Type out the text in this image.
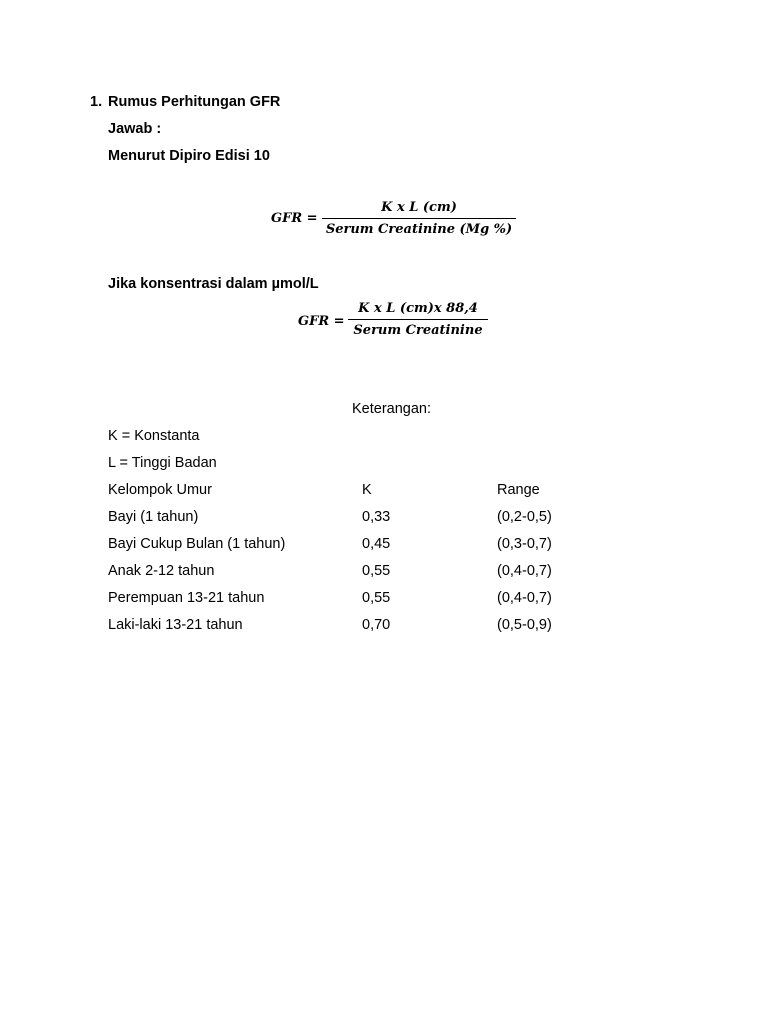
1. Rumus Perhitungan GFR
Jawab :
Menurut Dipiro Edisi 10
GFR =
K x L (cm)
Serum Creatinine (Mg %)
Jika konsentrasi dalam µmol/L
GFR =
K x L (cm)x 88,4
Serum Creatinine
Keterangan:
K = Konstanta
L = Tinggi Badan
Kelompok Umur	K	Range
Bayi (1 tahun)	0,33	(0,2-0,5)
Bayi Cukup Bulan (1 tahun)	0,45	(0,3-0,7)
Anak 2-12 tahun	0,55	(0,4-0,7)
Perempuan 13-21 tahun	0,55	(0,4-0,7)
Laki-laki 13-21 tahun	0,70	(0,5-0,9)
